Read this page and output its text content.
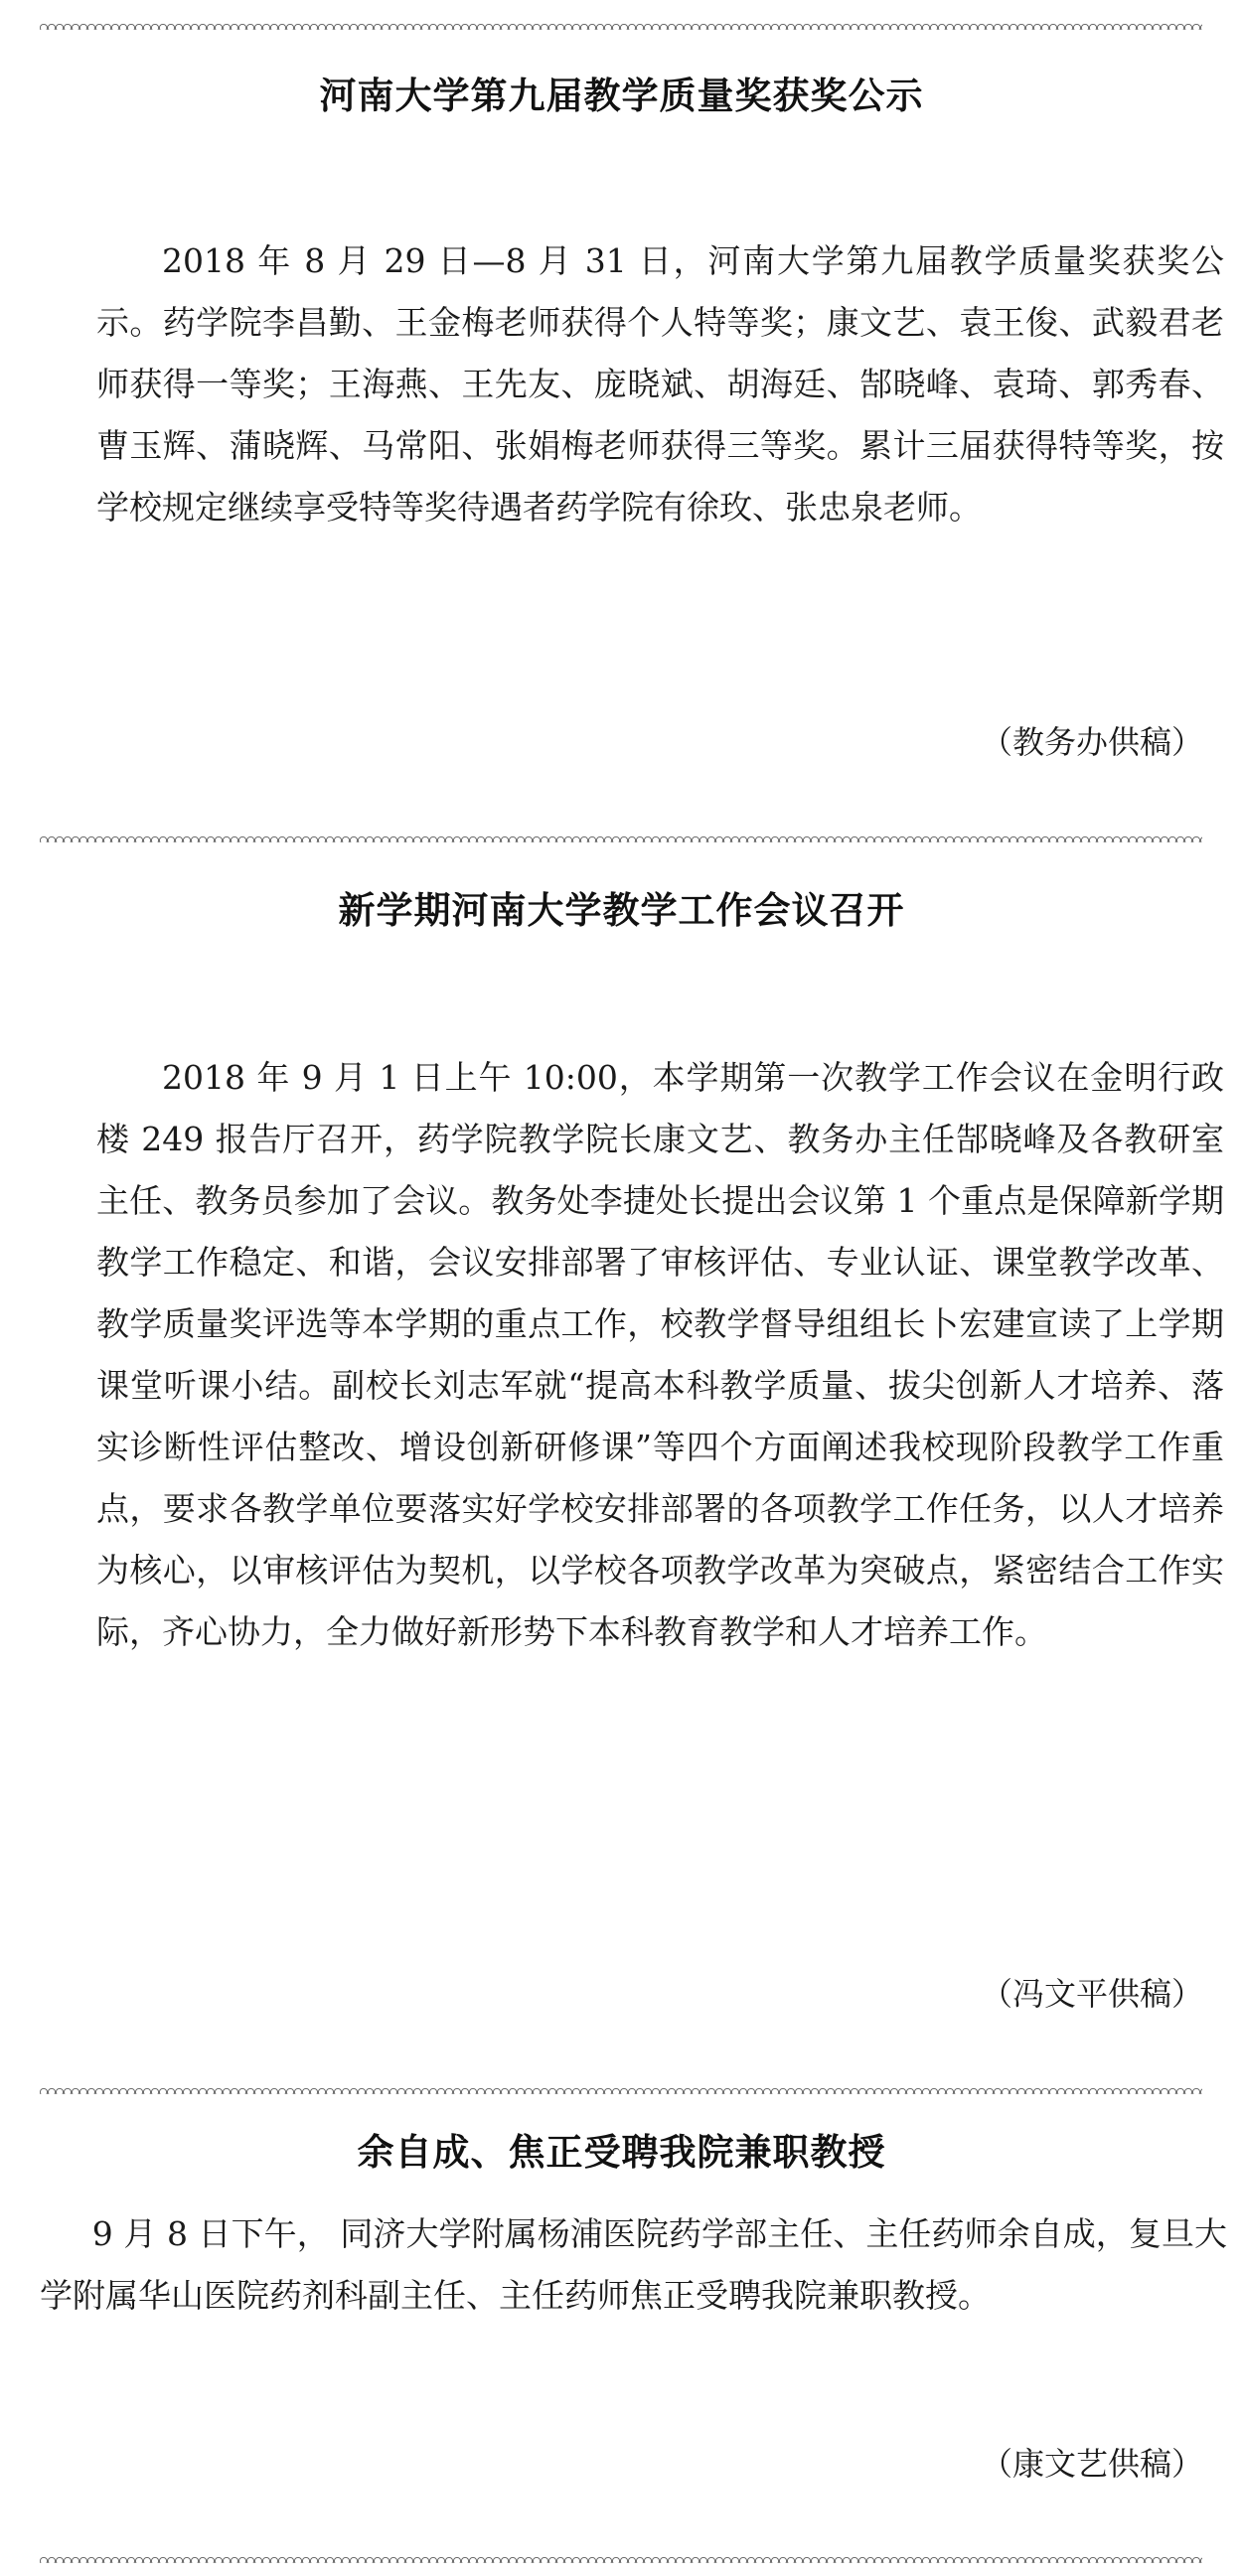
河南大学第九届教学质量奖获奖公示

2018 年 8 月 29 日—8 月 31 日，河南大学第九届教学质量奖获奖公示。药学院李昌勤、王金梅老师获得个人特等奖；康文艺、袁王俊、武毅君老师获得一等奖；王海燕、王先友、庞晓斌、胡海廷、郜晓峰、袁琦、郭秀春、曹玉辉、蒲晓辉、马常阳、张娟梅老师获得三等奖。累计三届获得特等奖，按学校规定继续享受特等奖待遇者药学院有徐玫、张忠泉老师。

（教务办供稿）

新学期河南大学教学工作会议召开

2018 年 9 月 1 日上午 10:00，本学期第一次教学工作会议在金明行政楼 249 报告厅召开，药学院教学院长康文艺、教务办主任郜晓峰及各教研室主任、教务员参加了会议。教务处李捷处长提出会议第 1 个重点是保障新学期教学工作稳定、和谐，会议安排部署了审核评估、专业认证、课堂教学改革、教学质量奖评选等本学期的重点工作，校教学督导组组长卜宏建宣读了上学期课堂听课小结。副校长刘志军就“提高本科教学质量、拔尖创新人才培养、落实诊断性评估整改、增设创新研修课”等四个方面阐述我校现阶段教学工作重点，要求各教学单位要落实好学校安排部署的各项教学工作任务，以人才培养为核心，以审核评估为契机，以学校各项教学改革为突破点，紧密结合工作实际，齐心协力，全力做好新形势下本科教育教学和人才培养工作。

（冯文平供稿）

余自成、焦正受聘我院兼职教授

9 月 8 日下午， 同济大学附属杨浦医院药学部主任、主任药师余自成，复旦大学附属华山医院药剂科副主任、主任药师焦正受聘我院兼职教授。

（康文艺供稿）
